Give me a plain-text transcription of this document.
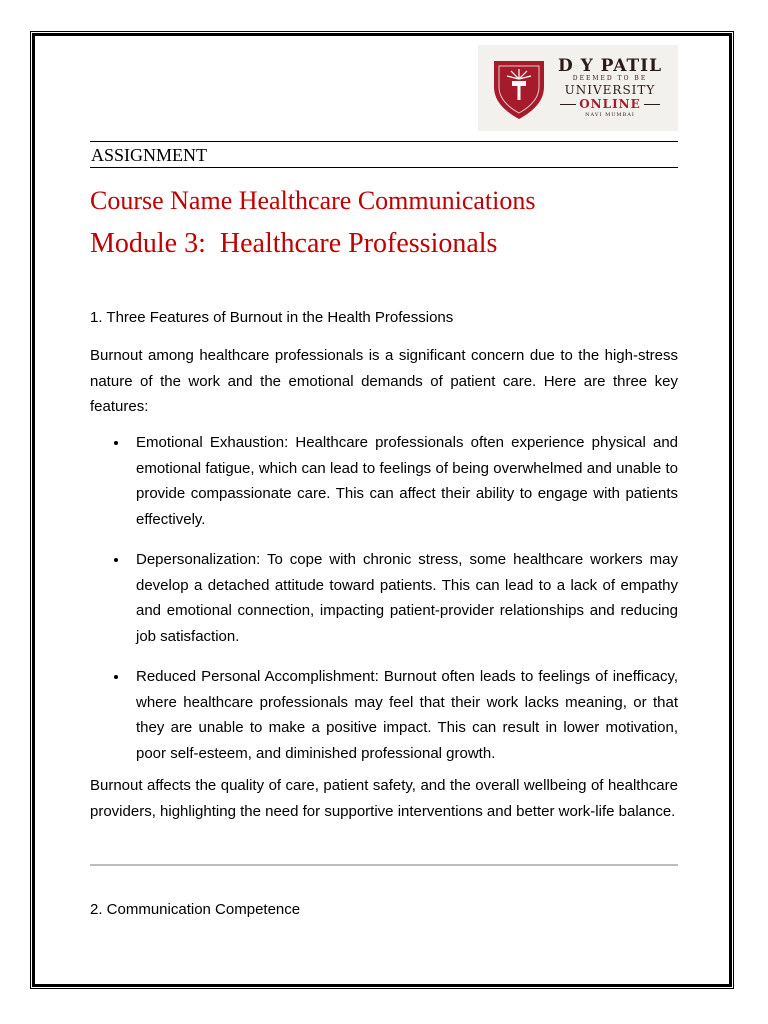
D Y PATIL
DEEMED TO BE
UNIVERSITY
ONLINE
NAVI MUMBAI
ASSIGNMENT
Course Name Healthcare Communications
Module 3:  Healthcare Professionals

1. Three Features of Burnout in the Health Professions

Burnout among healthcare professionals is a significant concern due to the high-stress nature of the work and the emotional demands of patient care. Here are three key features:

Emotional Exhaustion: Healthcare professionals often experience physical and emotional fatigue, which can lead to feelings of being overwhelmed and unable to provide compassionate care. This can affect their ability to engage with patients effectively.
Depersonalization: To cope with chronic stress, some healthcare workers may develop a detached attitude toward patients. This can lead to a lack of empathy and emotional connection, impacting patient-provider relationships and reducing job satisfaction.
Reduced Personal Accomplishment: Burnout often leads to feelings of inefficacy, where healthcare professionals may feel that their work lacks meaning, or that they are unable to make a positive impact. This can result in lower motivation, poor self-esteem, and diminished professional growth.

Burnout affects the quality of care, patient safety, and the overall wellbeing of healthcare providers, highlighting the need for supportive interventions and better work-life balance.

2. Communication Competence
